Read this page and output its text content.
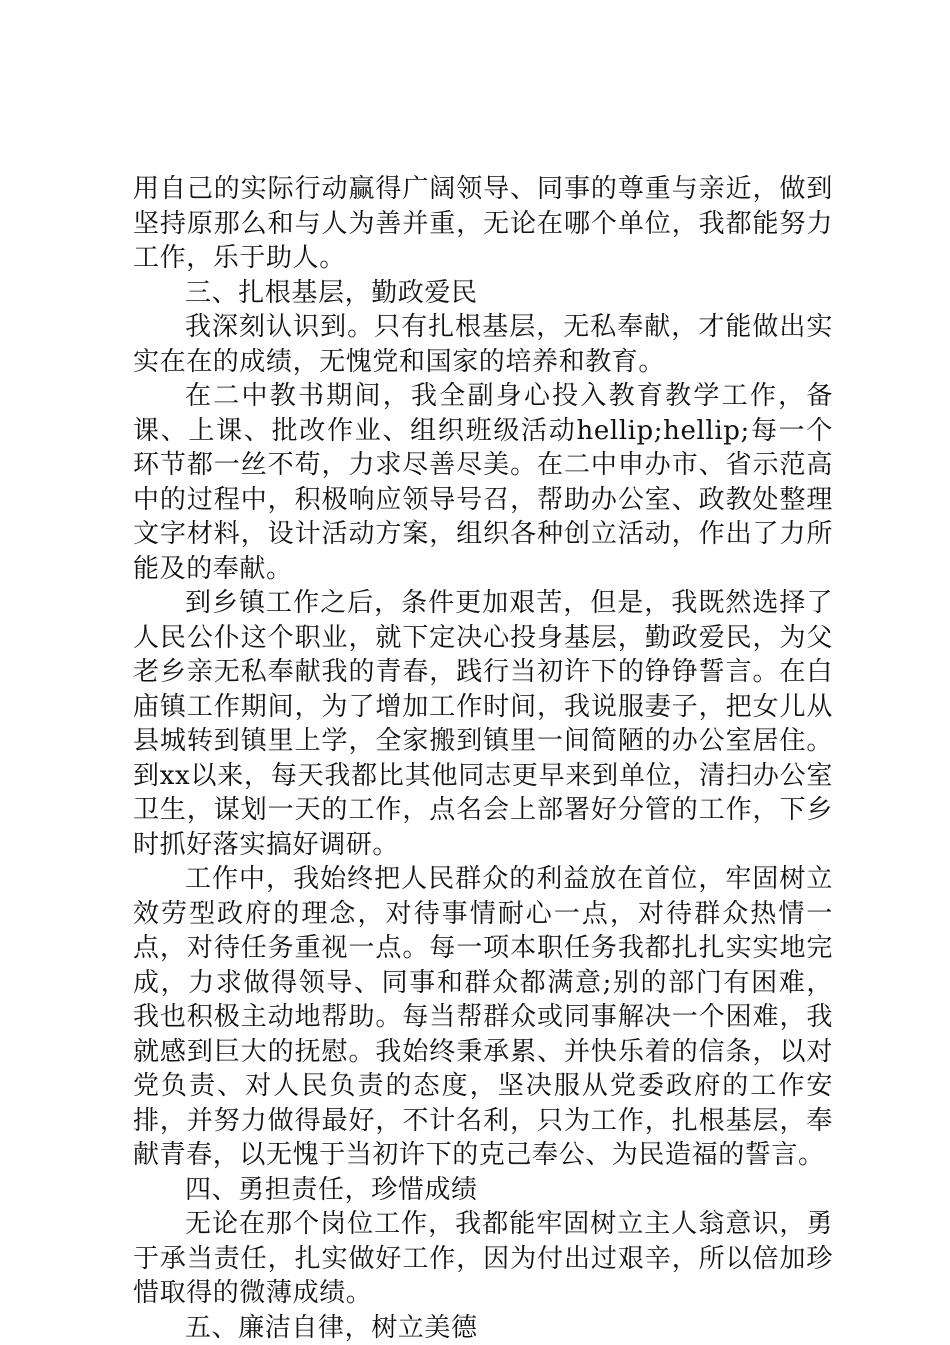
用自己的实际行动赢得广阔领导、同事的尊重与亲近，做到坚持原那么和与人为善并重，无论在哪个单位，我都能努力工作，乐于助人。

三、扎根基层，勤政爱民

我深刻认识到。只有扎根基层，无私奉献，才能做出实实在在的成绩，无愧党和国家的培养和教育。

在二中教书期间，我全副身心投入教育教学工作，备课、上课、批改作业、组织班级活动hellip;hellip;每一个环节都一丝不苟，力求尽善尽美。在二中申办市、省示范高中的过程中，积极响应领导号召，帮助办公室、政教处整理文字材料，设计活动方案，组织各种创立活动，作出了力所能及的奉献。

到乡镇工作之后，条件更加艰苦，但是，我既然选择了人民公仆这个职业，就下定决心投身基层，勤政爱民，为父老乡亲无私奉献我的青春，践行当初许下的铮铮誓言。在白庙镇工作期间，为了增加工作时间，我说服妻子，把女儿从县城转到镇里上学，全家搬到镇里一间简陋的办公室居住。到xx以来，每天我都比其他同志更早来到单位，清扫办公室卫生，谋划一天的工作，点名会上部署好分管的工作，下乡时抓好落实搞好调研。

工作中，我始终把人民群众的利益放在首位，牢固树立效劳型政府的理念，对待事情耐心一点，对待群众热情一点，对待任务重视一点。每一项本职任务我都扎扎实实地完成，力求做得领导、同事和群众都满意;别的部门有困难，我也积极主动地帮助。每当帮群众或同事解决一个困难，我就感到巨大的抚慰。我始终秉承累、并快乐着的信条，以对党负责、对人民负责的态度，坚决服从党委政府的工作安排，并努力做得最好，不计名利，只为工作，扎根基层，奉献青春，以无愧于当初许下的克己奉公、为民造福的誓言。

四、勇担责任，珍惜成绩

无论在那个岗位工作，我都能牢固树立主人翁意识，勇于承当责任，扎实做好工作，因为付出过艰辛，所以倍加珍惜取得的微薄成绩。

五、廉洁自律，树立美德
